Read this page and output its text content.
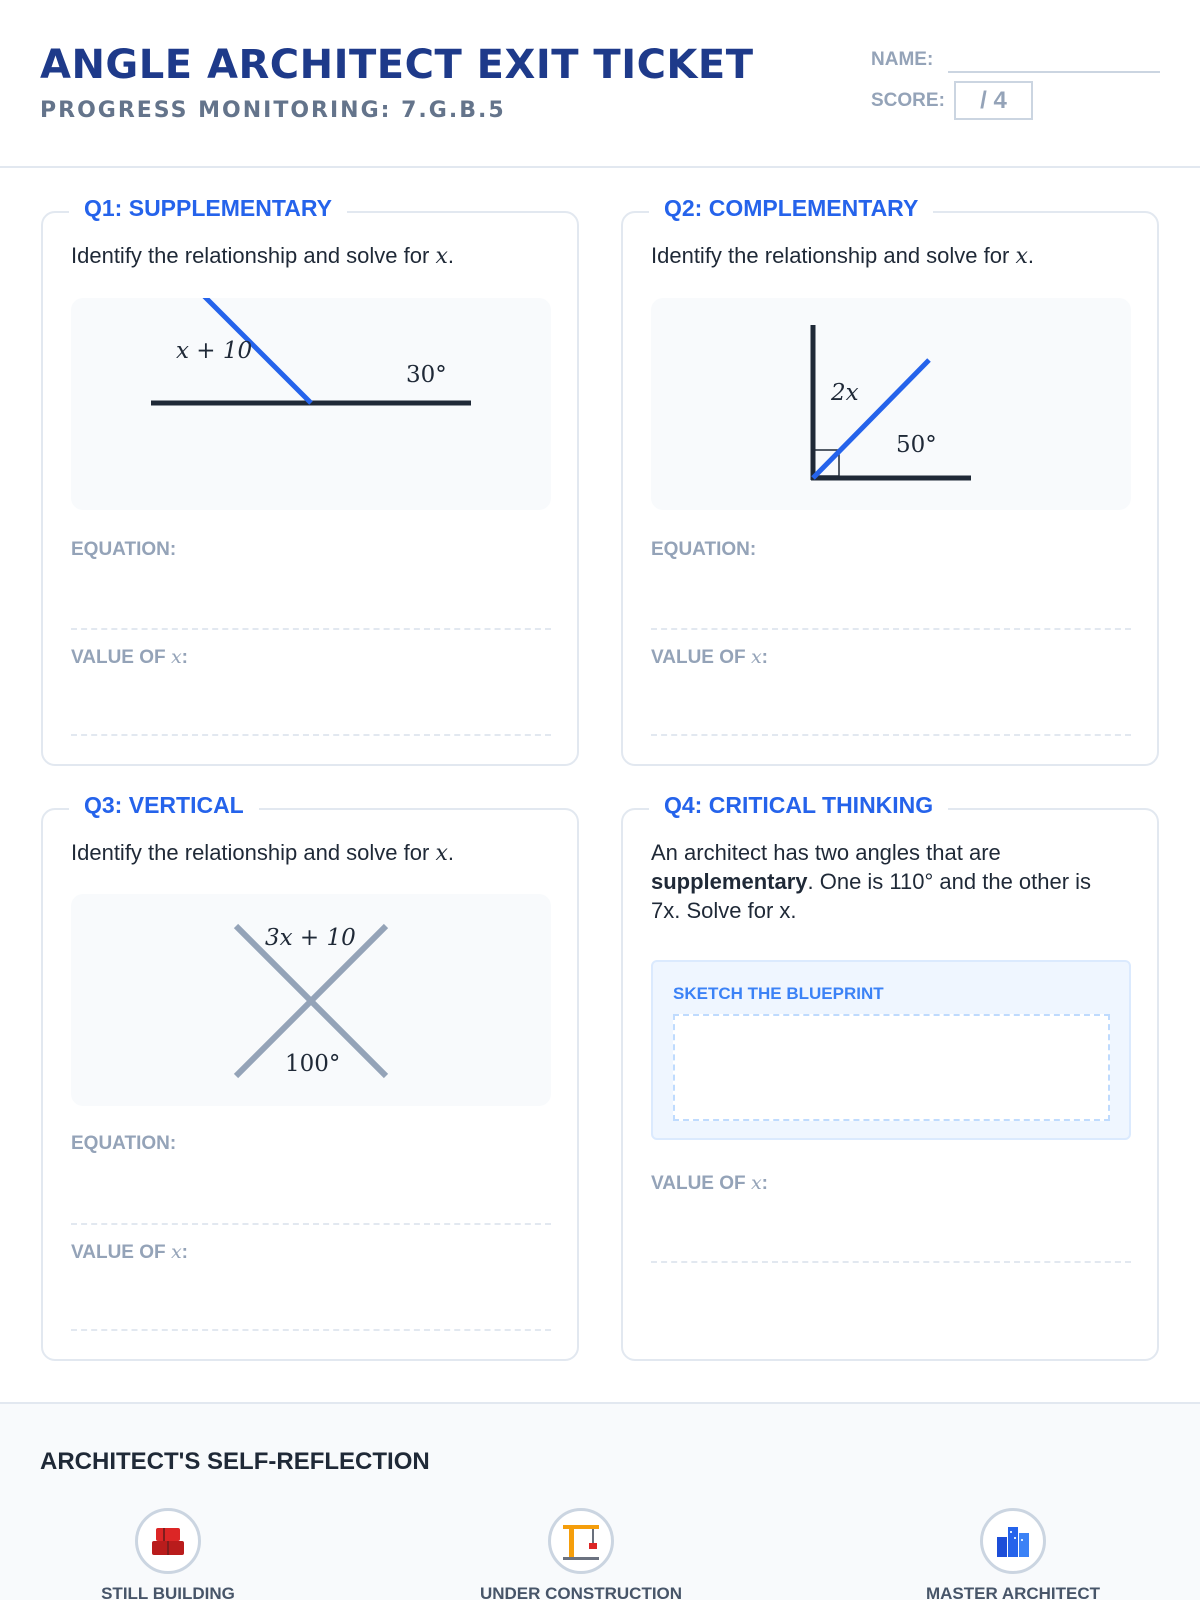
ANGLE ARCHITECT EXIT TICKET
PROGRESS MONITORING: 7.G.B.5
NAME:
SCORE:	/ 4
Q1: SUPPLEMENTARY
Identify the relationship and solve for x.
x + 10
30°
EQUATION:
VALUE OF x:
Q2: COMPLEMENTARY
Identify the relationship and solve for x.
2x
50°
EQUATION:
VALUE OF x:
Q3: VERTICAL
Identify the relationship and solve for x.
3x + 10
100°
EQUATION:
VALUE OF x:
Q4: CRITICAL THINKING
An architect has two angles that are
supplementary. One is 110° and the other is
7x. Solve for x.
SKETCH THE BLUEPRINT
VALUE OF x:
ARCHITECT'S SELF-REFLECTION
STILL BUILDING	UNDER CONSTRUCTION	MASTER ARCHITECT
